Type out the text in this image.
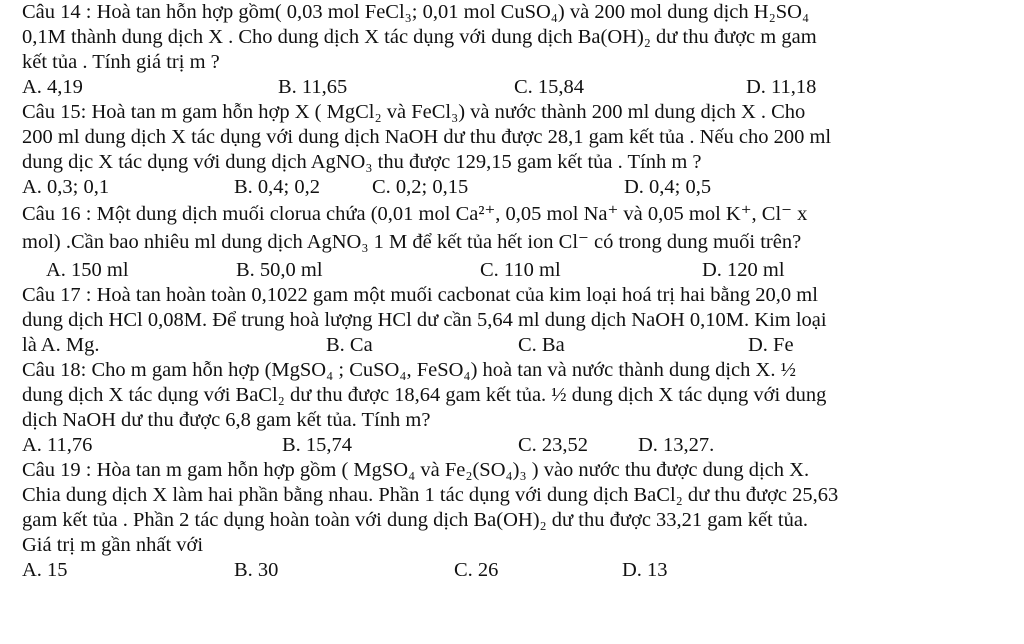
Câu 14 : Hoà tan hỗn hợp gồm( 0,03 mol FeCl₃; 0,01 mol CuSO₄) và 200 mol dung dịch H₂SO₄
0,1M thành dung dịch X . Cho dung dịch X tác dụng với dung dịch Ba(OH)₂ dư thu được m gam
kết tủa . Tính giá trị m ?
A. 4,19	B. 11,65	C. 15,84	D. 11,18
Câu 15: Hoà tan m gam hỗn hợp X ( MgCl₂ và FeCl₃) và nước thành 200 ml dung dịch X . Cho
200 ml dung dịch X tác dụng với dung dịch NaOH dư thu được 28,1 gam kết tủa . Nếu cho 200 ml
dung dịc X tác dụng với dung dịch AgNO₃ thu được 129,15 gam kết tủa . Tính m ?
A. 0,3; 0,1	B. 0,4; 0,2	C. 0,2; 0,15	D. 0,4; 0,5
Câu 16 : Một dung dịch muối clorua chứa (0,01 mol Ca²⁺, 0,05 mol Na⁺ và 0,05 mol K⁺, Cl⁻ x
mol) .Cần bao nhiêu ml dung dịch AgNO₃ 1 M để kết tủa hết ion Cl⁻ có trong dung muối trên?
A. 150 ml	B. 50,0 ml	C. 110 ml	D. 120 ml
Câu 17 : Hoà tan hoàn toàn 0,1022 gam một muối cacbonat của kim loại hoá trị hai bằng 20,0 ml
dung dịch HCl 0,08M. Để trung hoà lượng HCl dư cần 5,64 ml dung dịch NaOH 0,10M. Kim loại
là A. Mg.	B. Ca	C. Ba	D. Fe
Câu 18: Cho m gam hỗn hợp (MgSO₄ ; CuSO₄, FeSO₄) hoà tan và nước thành dung dịch X. ½
dung dịch X tác dụng với BaCl₂ dư thu được 18,64 gam kết tủa. ½ dung dịch X tác dụng với dung
dịch NaOH dư thu được 6,8 gam kết tủa. Tính m?
A. 11,76	B. 15,74	C. 23,52 D. 13,27.
Câu 19 : Hòa tan m gam hỗn hợp gồm ( MgSO₄ và Fe₂(SO₄)₃ ) vào nước thu được dung dịch X.
Chia dung dịch X làm hai phần bằng nhau. Phần 1 tác dụng với dung dịch BaCl₂ dư thu được 25,63
gam kết tủa . Phần 2 tác dụng hoàn toàn với dung dịch Ba(OH)₂ dư thu được 33,21 gam kết tủa.
Giá trị m gần nhất với
A. 15	B. 30	C. 26	D. 13
